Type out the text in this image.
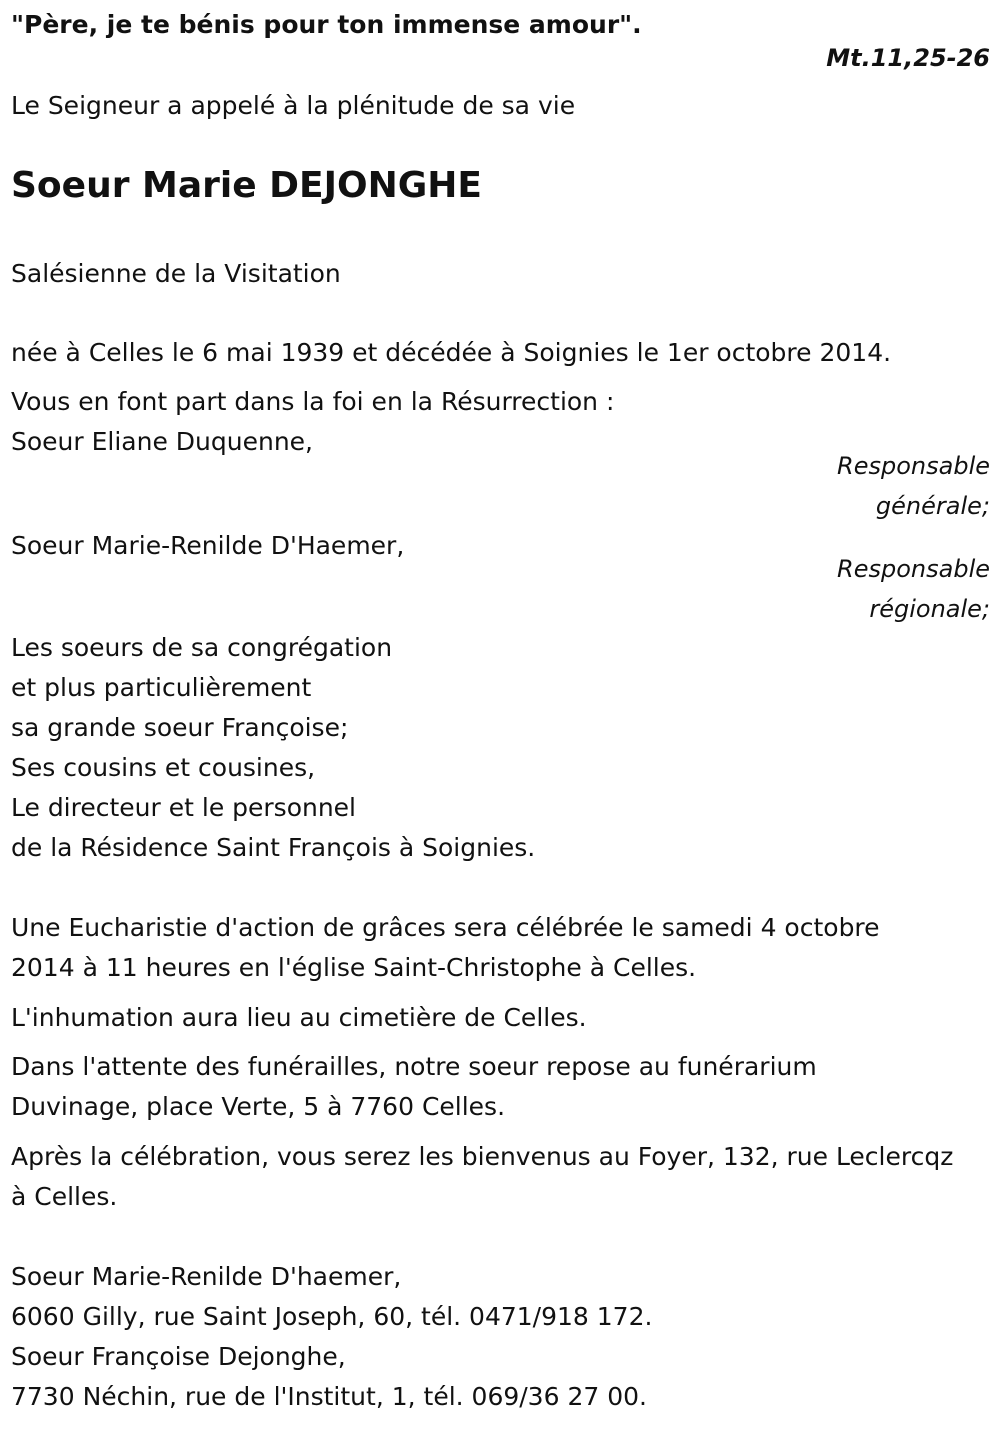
"Père, je te bénis pour ton immense amour".
Mt.11,25-26
Le Seigneur a appelé à la plénitude de sa vie
Soeur Marie DEJONGHE
Salésienne de la Visitation
née à Celles le 6 mai 1939 et décédée à Soignies le 1er octobre 2014.
Vous en font part dans la foi en la Résurrection :
Soeur Eliane Duquenne,
Responsable
générale;
Soeur Marie-Renilde D'Haemer,
Responsable
régionale;
Les soeurs de sa congrégation
et plus particulièrement
sa grande soeur Françoise;
Ses cousins et cousines,
Le directeur et le personnel
de la Résidence Saint François à Soignies.
Une Eucharistie d'action de grâces sera célébrée le samedi 4 octobre
2014 à 11 heures en l'église Saint-Christophe à Celles.
L'inhumation aura lieu au cimetière de Celles.
Dans l'attente des funérailles, notre soeur repose au funérarium
Duvinage, place Verte, 5 à 7760 Celles.
Après la célébration, vous serez les bienvenus au Foyer, 132, rue Leclercqz
à Celles.
Soeur Marie-Renilde D'haemer,
6060 Gilly, rue Saint Joseph, 60, tél. 0471/918 172.
Soeur Françoise Dejonghe,
7730 Néchin, rue de l'Institut, 1, tél. 069/36 27 00.
